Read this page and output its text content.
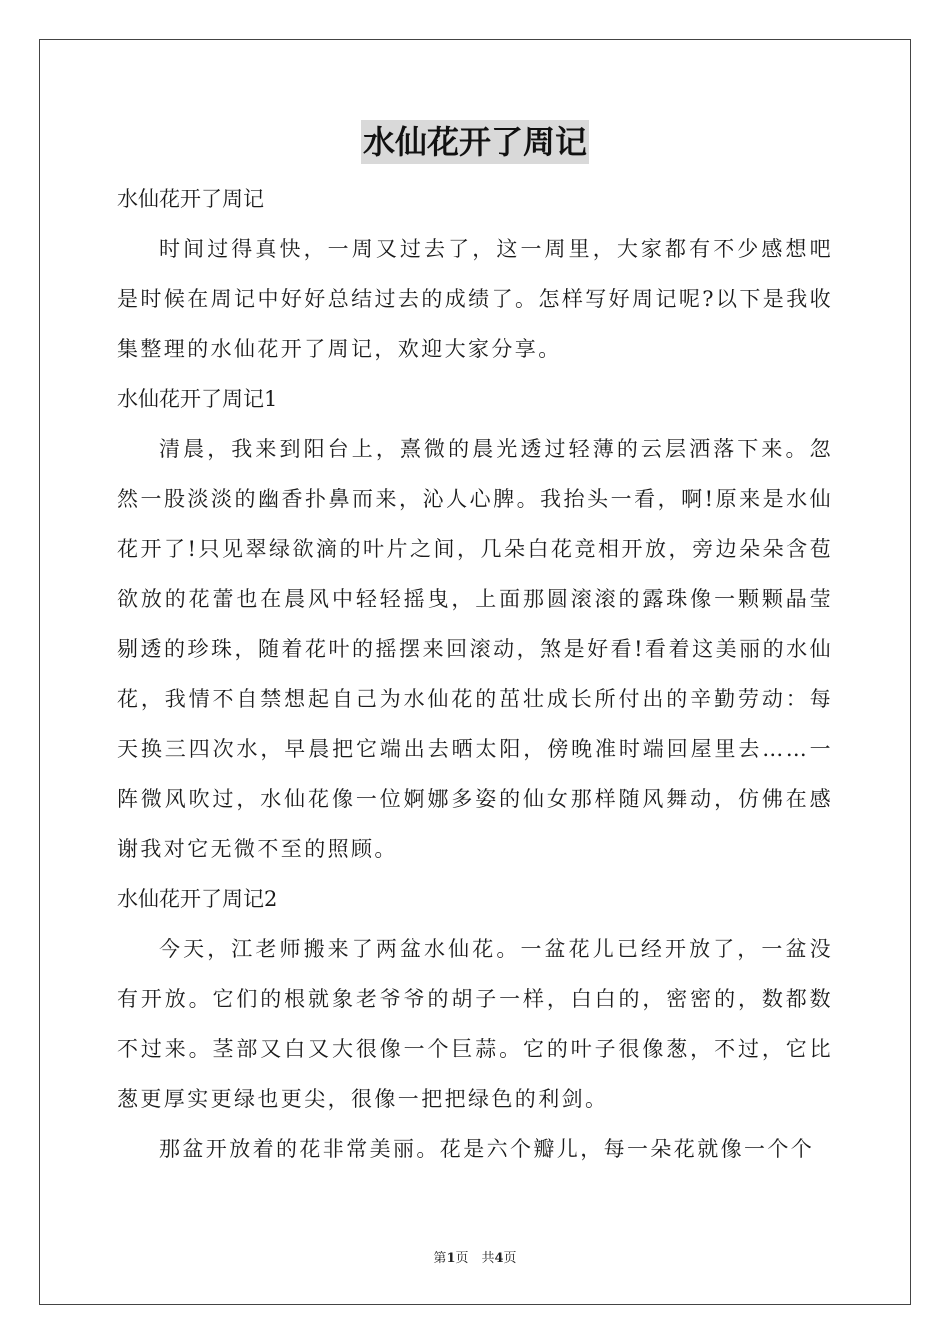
水仙花开了周记

水仙花开了周记

时间过得真快，一周又过去了，这一周里，大家都有不少感想吧是时候在周记中好好总结过去的成绩了。怎样写好周记呢?以下是我收集整理的水仙花开了周记，欢迎大家分享。

水仙花开了周记1

清晨，我来到阳台上，熹微的晨光透过轻薄的云层洒落下来。忽然一股淡淡的幽香扑鼻而来，沁人心脾。我抬头一看，啊!原来是水仙花开了!只见翠绿欲滴的叶片之间，几朵白花竞相开放，旁边朵朵含苞欲放的花蕾也在晨风中轻轻摇曳，上面那圆滚滚的露珠像一颗颗晶莹剔透的珍珠，随着花叶的摇摆来回滚动，煞是好看!看着这美丽的水仙花，我情不自禁想起自己为水仙花的茁壮成长所付出的辛勤劳动：每天换三四次水，早晨把它端出去晒太阳，傍晚准时端回屋里去……一阵微风吹过，水仙花像一位婀娜多姿的仙女那样随风舞动，仿佛在感谢我对它无微不至的照顾。

水仙花开了周记2

今天，江老师搬来了两盆水仙花。一盆花儿已经开放了，一盆没有开放。它们的根就象老爷爷的胡子一样，白白的，密密的，数都数不过来。茎部又白又大很像一个巨蒜。它的叶子很像葱，不过，它比葱更厚实更绿也更尖，很像一把把绿色的利剑。

那盆开放着的花非常美丽。花是六个瓣儿，每一朵花就像一个个

第1页　共4页
